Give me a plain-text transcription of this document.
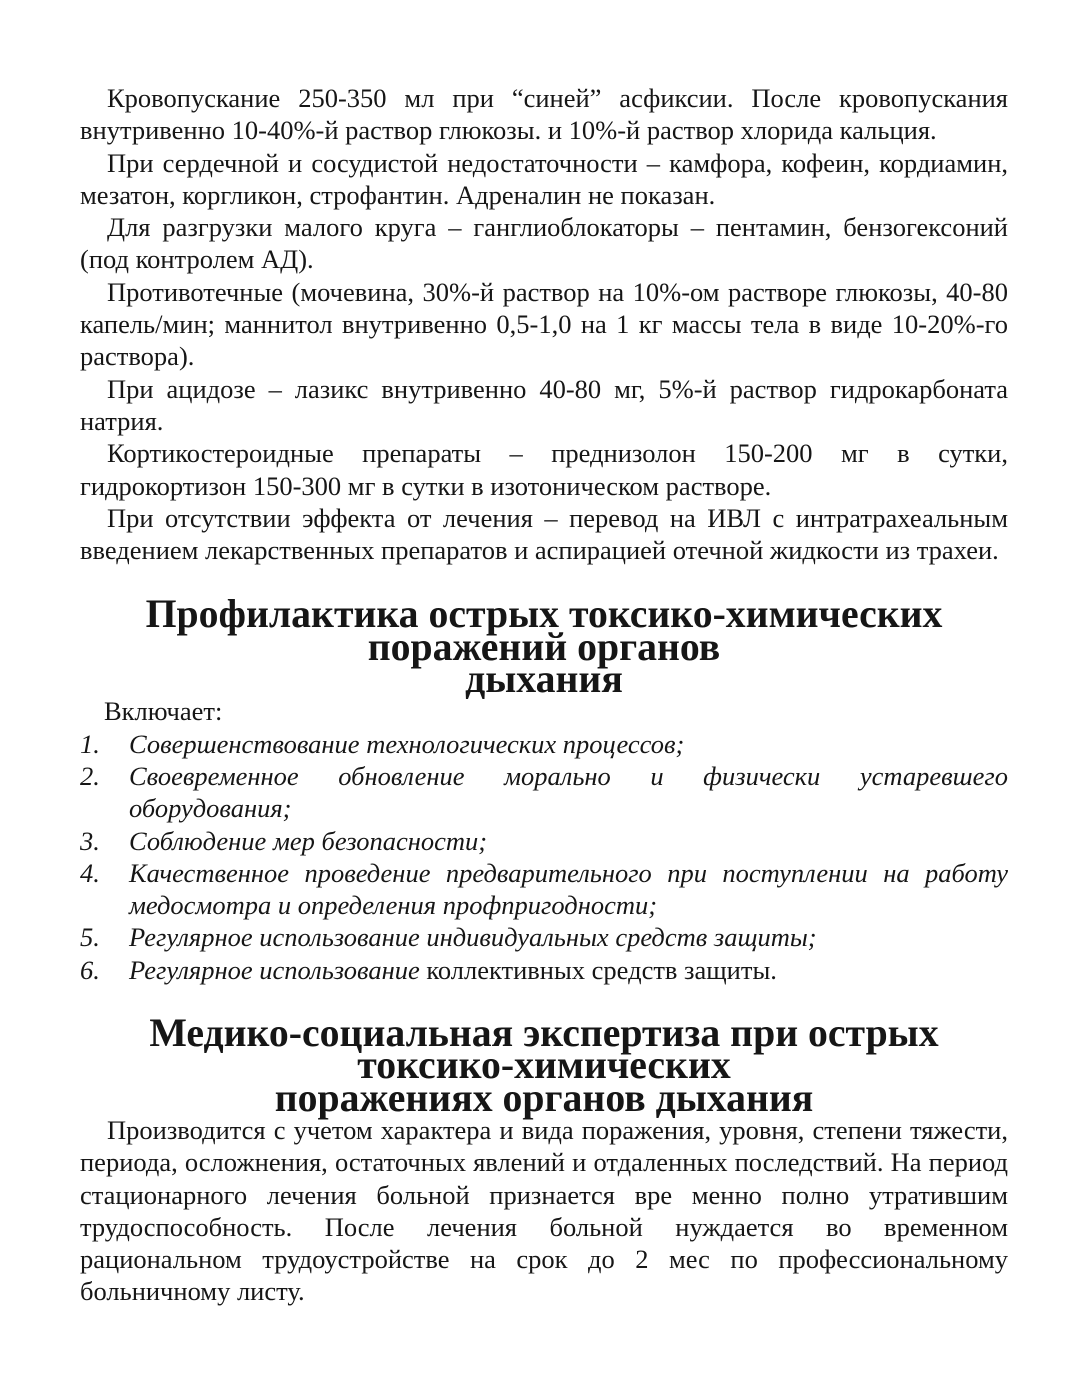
Кровопускание 250-350 мл при “синей” асфиксии. После кровопускания внутривенно 10-40%-й раствор глюкозы. и 10%-й раствор хлорида кальция.

При сердечной и сосудистой недостаточности – камфора, кофеин, кордиамин, мезатон, коргликон, строфантин. Адреналин не показан.

Для разгрузки малого круга – ганглиоблокаторы – пентамин, бензогексоний (под контролем АД).

Противотечные (мочевина, 30%-й раствор на 10%-ом растворе глюкозы, 40-80 капель/мин; маннитол внутривенно 0,5-1,0 на 1 кг массы тела в виде 10-20%-го раствора).

При ацидозе – лазикс внутривенно 40-80 мг, 5%-й раствор гидрокарбоната натрия.

Кортикостероидные препараты – преднизолон 150-200 мг в сутки, гидрокортизон 150-300 мг в сутки в изотоническом растворе.

При отсутствии эффекта от лечения – перевод на ИВЛ с интратрахеальным введением лекарственных препаратов и аспирацией отечной жидкости из трахеи.

Профилактика острых токсико-химических поражений органов
дыхания

Включает:

1.	Совершенствование технологических процессов;
2.	Своевременное обновление морально и физически устаревшего оборудования;
3.	Соблюдение мер безопасности;
4.	Качественное проведение предварительного при поступлении на работу медосмотра и определения профпригодности;
5.	Регулярное использование индивидуальных средств защиты;
6.	Регулярное использование коллективных средств защиты.
Медико-социальная экспертиза при острых токсико-химических
поражениях органов дыхания

Производится с учетом характера и вида поражения, уровня, степени тяжести, периода, осложнения, остаточных явлений и отдаленных последствий. На период стационарного лечения больной признается вре менно полно утратившим трудоспособность. После лечения больной нуждается во временном рациональном трудоустройстве на срок до 2 мес по профессиональному больничному листу.
